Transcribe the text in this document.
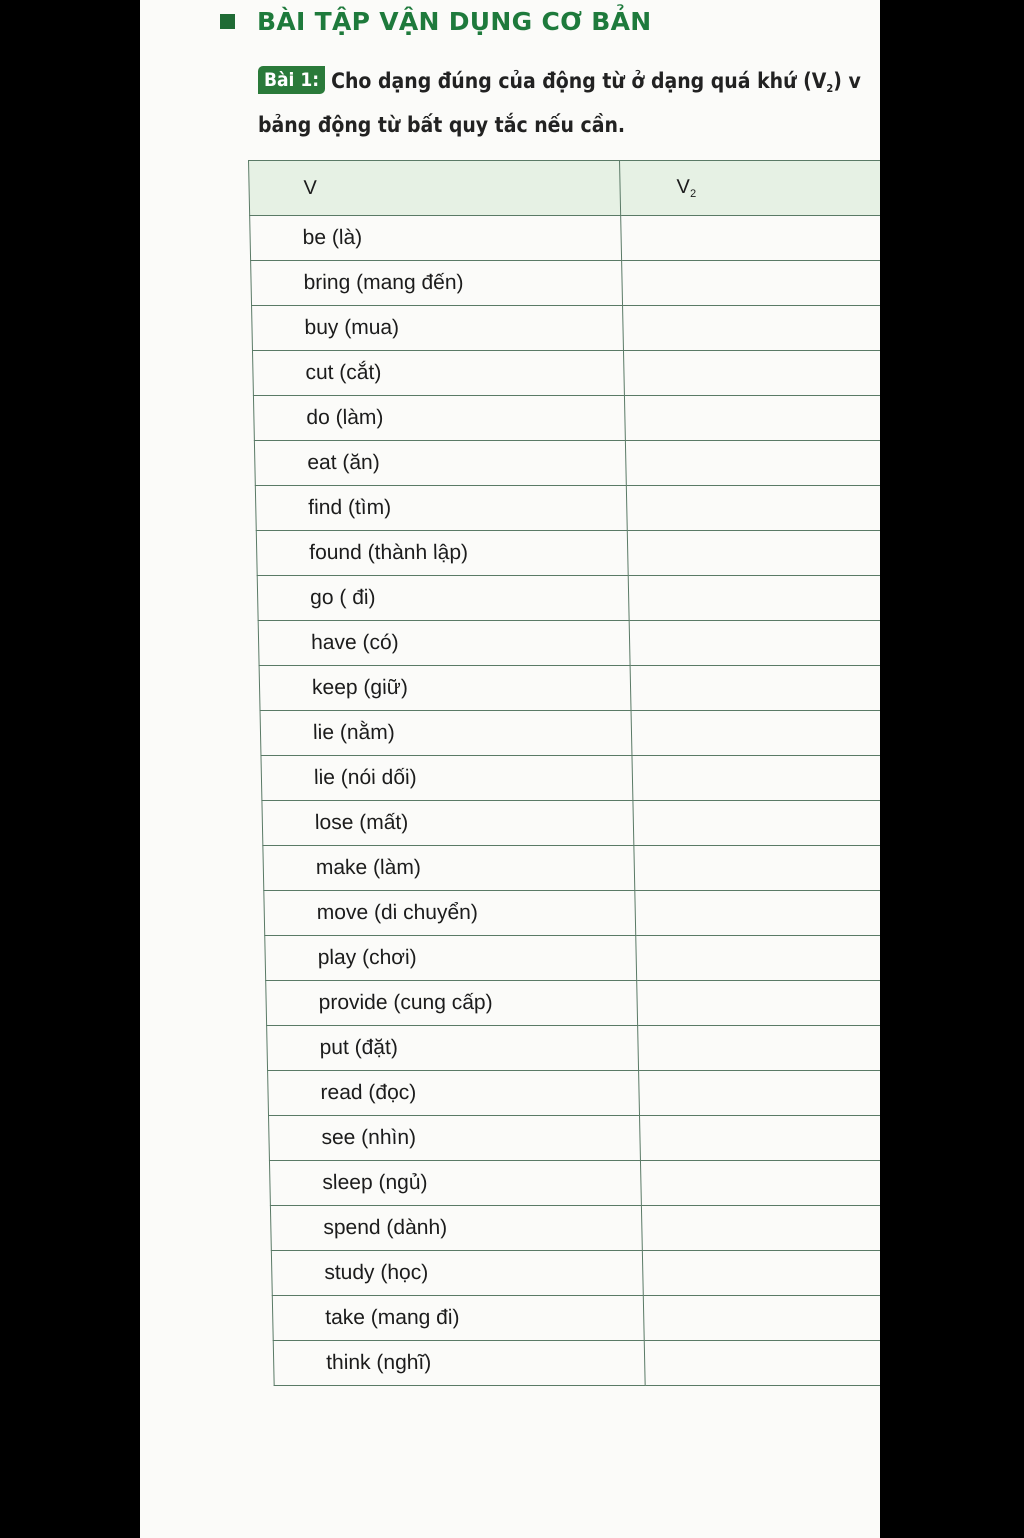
BÀI TẬP VẬN DỤNG CƠ BẢN
Bài 1: Cho dạng đúng của động từ ở dạng quá khứ (V2) v
bảng động từ bất quy tắc nếu cần.
V	$V_2$
be (là)	
bring (mang đến)	
buy (mua)	
cut (cắt)	
do (làm)	
eat (ăn)	
find (tìm)	
found (thành lập)	
go ( đi)	
have (có)	
keep (giữ)	
lie (nằm)	
lie (nói dối)	
lose (mất)	
make (làm)	
move (di chuyển)	
play (chơi)	
provide (cung cấp)	
put (đặt)	
read (đọc)	
see (nhìn)	
sleep (ngủ)	
spend (dành)	
study (học)	
take (mang đi)	
think (nghĩ)	
